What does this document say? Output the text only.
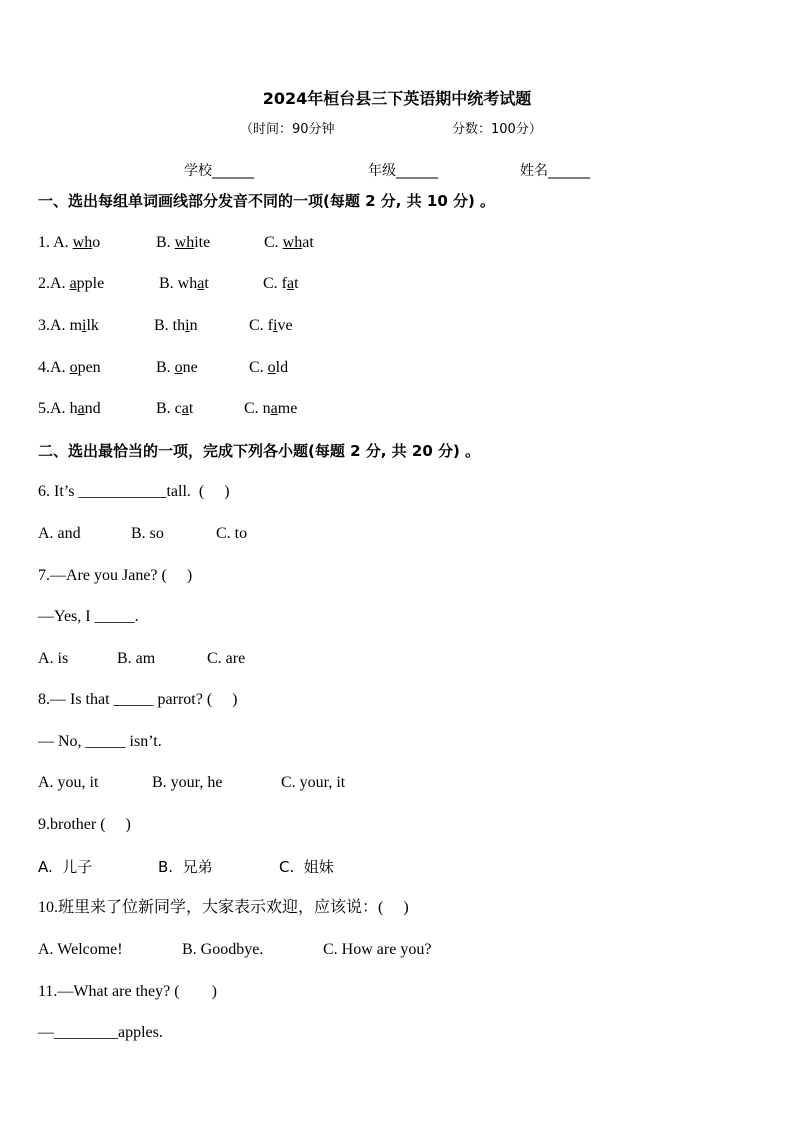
2024年桓台县三下英语期中统考试题
（时间：90分钟	分数：100分）
学校______	年级______	姓名______
一、选出每组单词画线部分发音不同的一项(每题 2 分, 共 10 分) 。

1. A. who

	B. white

	C. what

2.A. apple

	B. what

	C. fat

3.A. milk

	B. thin

	C. five

4.A. open

	B. one

	C. old

5.A. hand

	B. cat

	C. name

二、选出最恰当的一项，完成下列各小题(每题 2 分, 共 20 分) 。
6. It’s ___________tall.  (     )

A. and

	B. so

	C. to

7.—Are you Jane? (     )
—Yes, I _____.

A. is

	B. am

	C. are

8.— Is that _____ parrot? (     )
— No, _____ isn’t.

A. you, it

	B. your, he

	C. your, it

9.brother (     )

A.  儿子

	B.  兄弟

	C.  姐妹

10.班里来了位新同学，大家表示欢迎，应该说：(     )

A. Welcome!

	B. Goodbye.

	C. How are you?

11.—What are they? (        )
—________apples.
